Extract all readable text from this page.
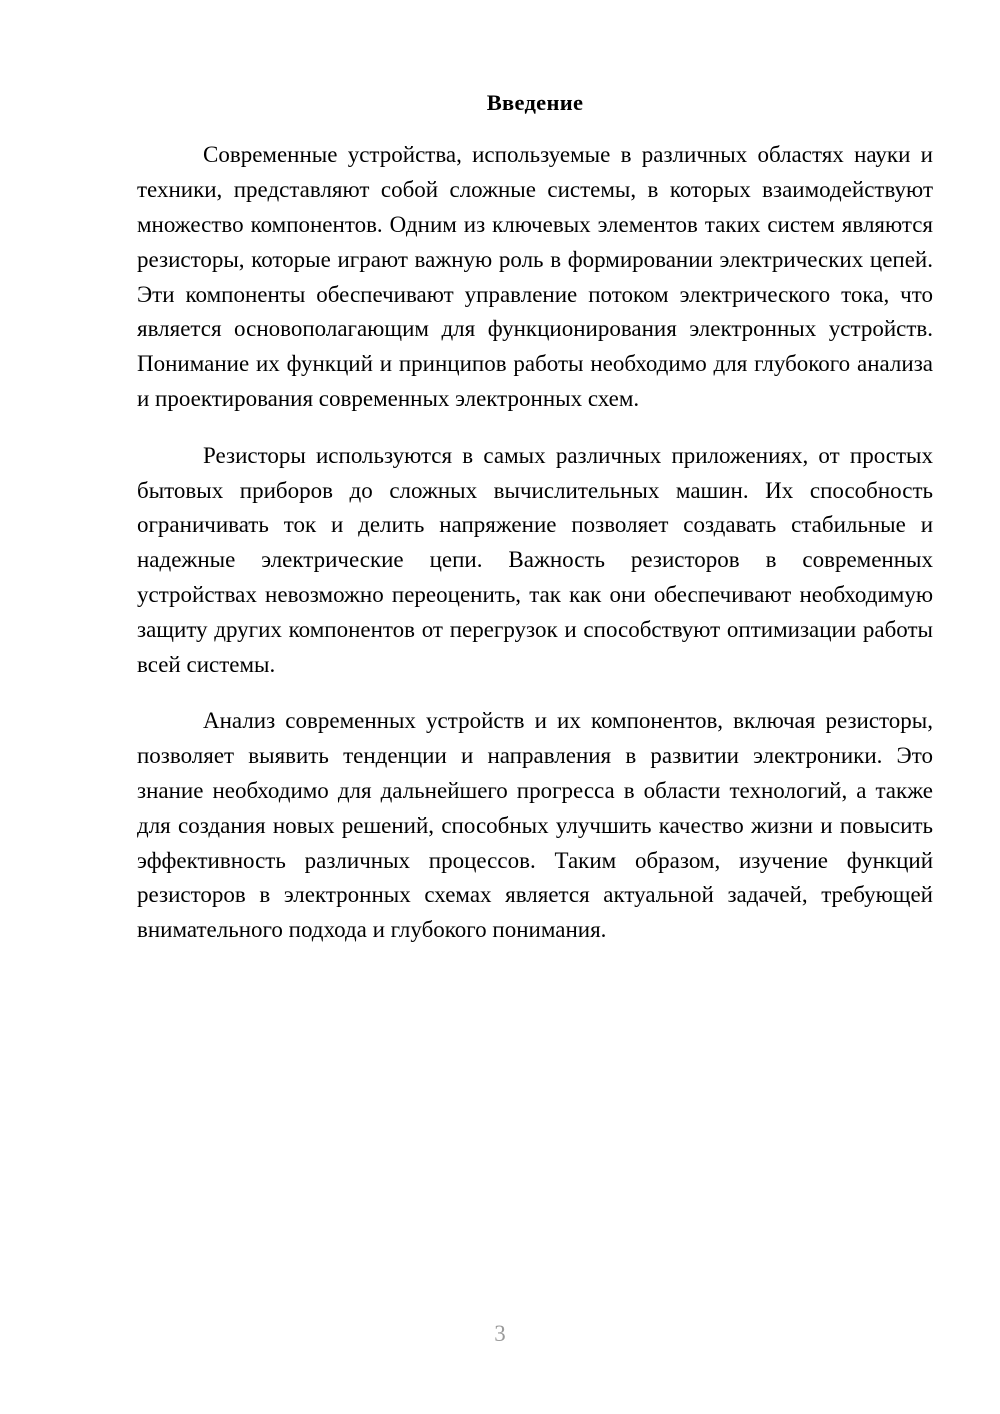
Введение

Современные устройства, используемые в различных областях науки и техники, представляют собой сложные системы, в которых взаимодействуют множество компонентов. Одним из ключевых элементов таких систем являются резисторы, которые играют важную роль в формировании электрических цепей. Эти компоненты обеспечивают управление потоком электрического тока, что является основополагающим для функционирования электронных устройств. Понимание их функций и принципов работы необходимо для глубокого анализа и проектирования современных электронных схем.

Резисторы используются в самых различных приложениях, от простых бытовых приборов до сложных вычислительных машин. Их способность ограничивать ток и делить напряжение позволяет создавать стабильные и надежные электрические цепи. Важность резисторов в современных устройствах невозможно переоценить, так как они обеспечивают необходимую защиту других компонентов от перегрузок и способствуют оптимизации работы всей системы.

Анализ современных устройств и их компонентов, включая резисторы, позволяет выявить тенденции и направления в развитии электроники. Это знание необходимо для дальнейшего прогресса в области технологий, а также для создания новых решений, способных улучшить качество жизни и повысить эффективность различных процессов. Таким образом, изучение функций резисторов в электронных схемах является актуальной задачей, требующей внимательного подхода и глубокого понимания.

3
